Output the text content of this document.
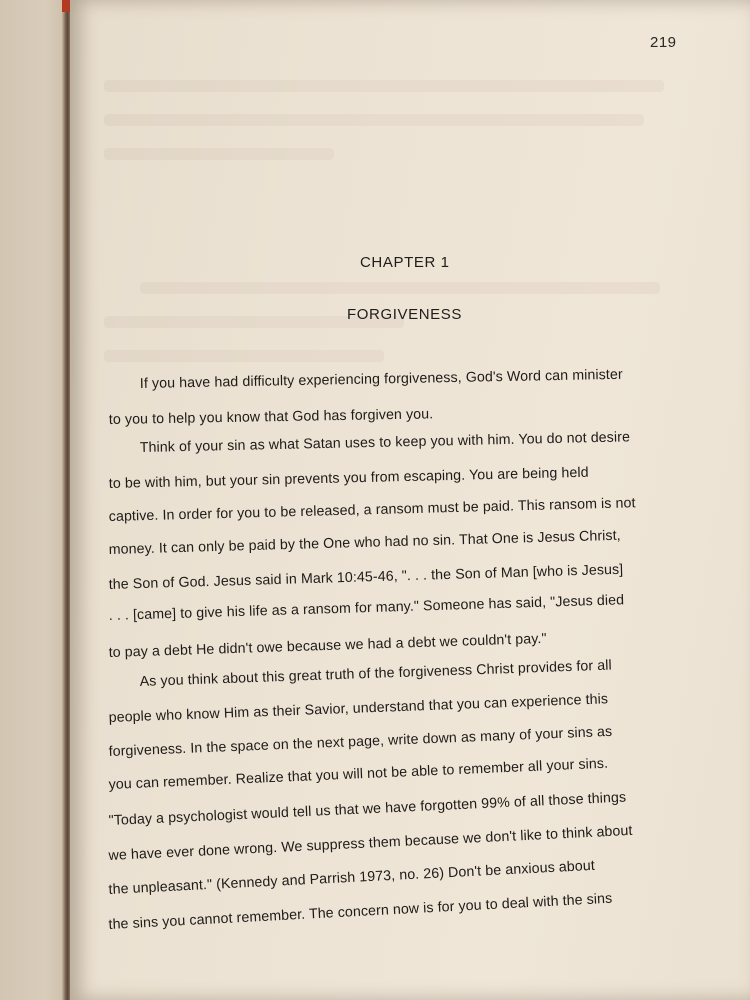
219
CHAPTER 1
FORGIVENESS
If you have had difficulty experiencing forgiveness, God's Word can minister
to you to help you know that God has forgiven you.
Think of your sin as what Satan uses to keep you with him. You do not desire
to be with him, but your sin prevents you from escaping. You are being held
captive. In order for you to be released, a ransom must be paid. This ransom is not
money. It can only be paid by the One who had no sin. That One is Jesus Christ,
the Son of God. Jesus said in Mark 10:45-46, ". . . the Son of Man [who is Jesus]
. . . [came] to give his life as a ransom for many." Someone has said, "Jesus died
to pay a debt He didn't owe because we had a debt we couldn't pay."
As you think about this great truth of the forgiveness Christ provides for all
people who know Him as their Savior, understand that you can experience this
forgiveness. In the space on the next page, write down as many of your sins as
you can remember. Realize that you will not be able to remember all your sins.
"Today a psychologist would tell us that we have forgotten 99% of all those things
we have ever done wrong. We suppress them because we don't like to think about
the unpleasant." (Kennedy and Parrish 1973, no. 26) Don't be anxious about
the sins you cannot remember. The concern now is for you to deal with the sins
